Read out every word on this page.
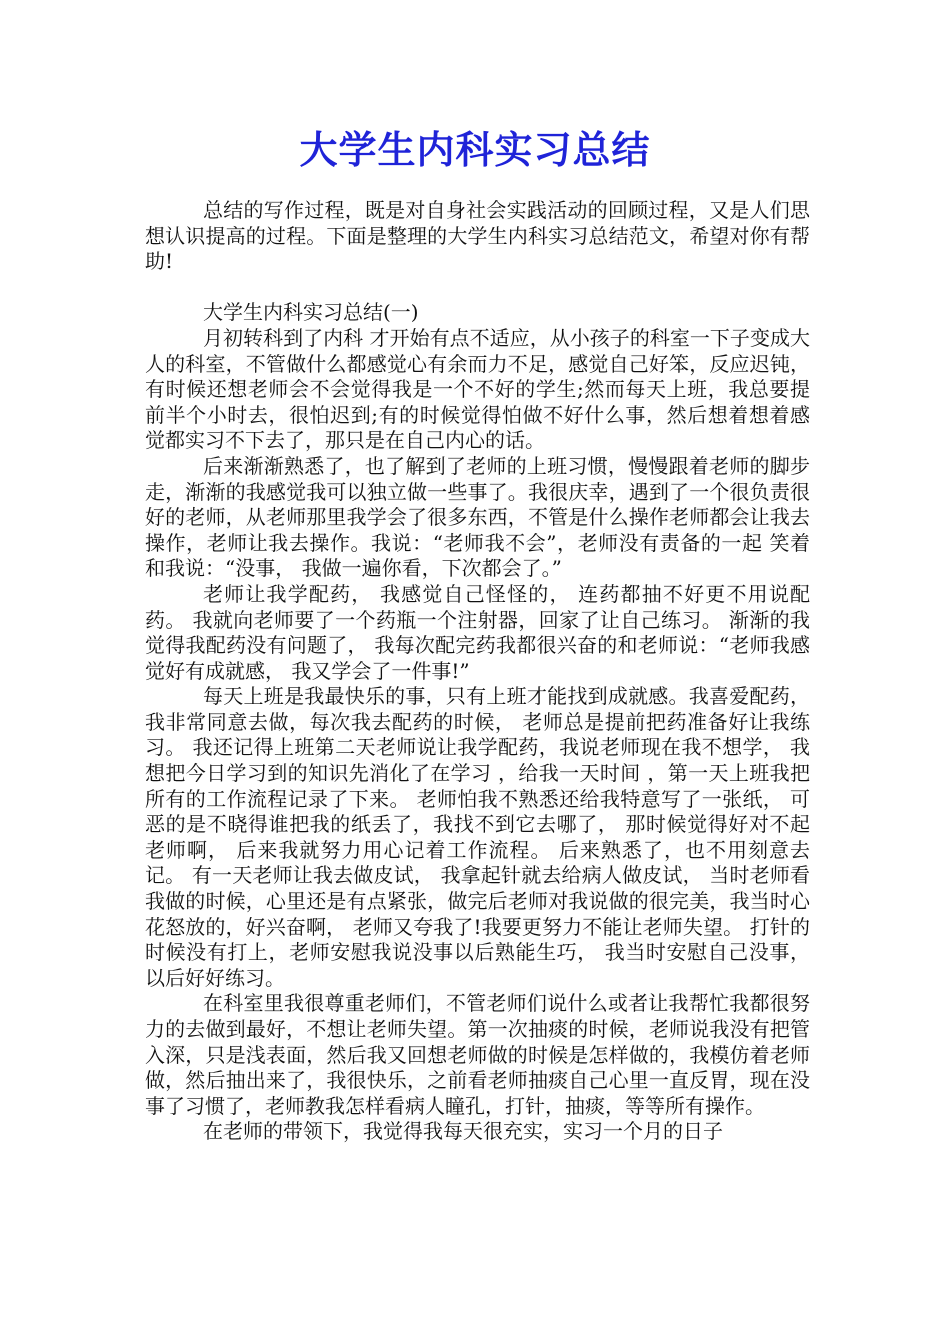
大学生内科实习总结

总结的写作过程，既是对自身社会实践活动的回顾过程，又是人们思想认识提高的过程。下面是整理的大学生内科实习总结范文，希望对你有帮助!

大学生内科实习总结(一)

月初转科到了内科 才开始有点不适应，从小孩子的科室一下子变成大人的科室，不管做什么都感觉心有余而力不足，感觉自己好笨，反应迟钝，有时候还想老师会不会觉得我是一个不好的学生;然而每天上班，我总要提前半个小时去，很怕迟到;有的时候觉得怕做不好什么事，然后想着想着感觉都实习不下去了，那只是在自己内心的话。

后来渐渐熟悉了，也了解到了老师的上班习惯，慢慢跟着老师的脚步走，渐渐的我感觉我可以独立做一些事了。我很庆幸，遇到了一个很负责很好的老师，从老师那里我学会了很多东西，不管是什么操作老师都会让我去操作，老师让我去操作。我说：“老师我不会”，老师没有责备的一起 笑着和我说：“没事， 我做一遍你看，下次都会了。”

老师让我学配药， 我感觉自己怪怪的， 连药都抽不好更不用说配药。 我就向老师要了一个药瓶一个注射器，回家了让自己练习。 渐渐的我觉得我配药没有问题了， 我每次配完药我都很兴奋的和老师说：“老师我感觉好有成就感， 我又学会了一件事!”

每天上班是我最快乐的事，只有上班才能找到成就感。我喜爱配药，我非常同意去做，每次我去配药的时候， 老师总是提前把药准备好让我练习。 我还记得上班第二天老师说让我学配药，我说老师现在我不想学， 我想把今日学习到的知识先消化了在学习 ，给我一天时间 ，第一天上班我把所有的工作流程记录了下来。 老师怕我不熟悉还给我特意写了一张纸， 可恶的是不晓得谁把我的纸丢了，我找不到它去哪了， 那时候觉得好对不起老师啊， 后来我就努力用心记着工作流程。 后来熟悉了，也不用刻意去记。 有一天老师让我去做皮试， 我拿起针就去给病人做皮试， 当时老师看我做的时候，心里还是有点紧张，做完后老师对我说做的很完美，我当时心花怒放的，好兴奋啊， 老师又夸我了!我要更努力不能让老师失望。 打针的时候没有打上，老师安慰我说没事以后熟能生巧， 我当时安慰自己没事，以后好好练习。

在科室里我很尊重老师们，不管老师们说什么或者让我帮忙我都很努力的去做到最好，不想让老师失望。第一次抽痰的时候，老师说我没有把管入深，只是浅表面，然后我又回想老师做的时候是怎样做的，我模仿着老师做，然后抽出来了，我很快乐，之前看老师抽痰自己心里一直反胃，现在没事了习惯了，老师教我怎样看病人瞳孔，打针，抽痰，等等所有操作。

在老师的带领下，我觉得我每天很充实，实习一个月的日子
